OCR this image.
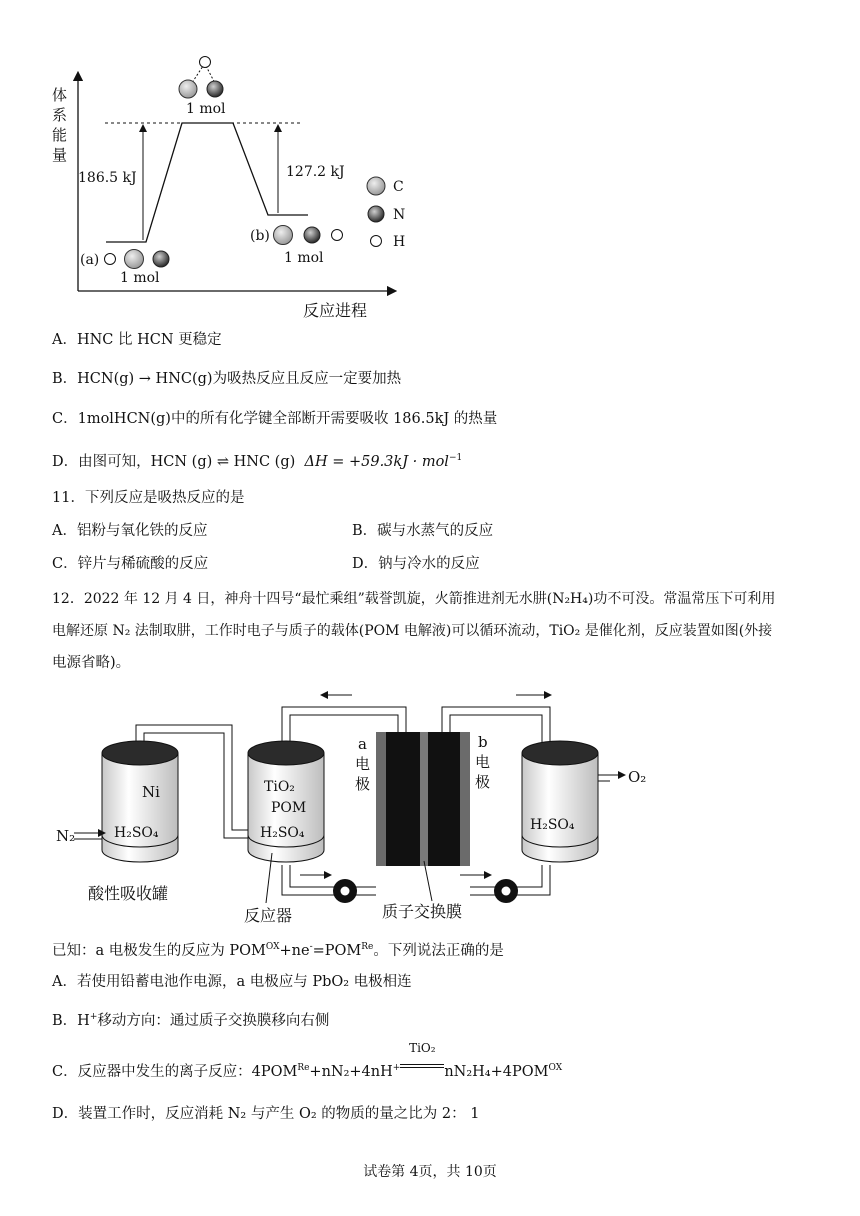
体
系
能
量
186.5 kJ	127.2 kJ
1 mol
(a)
1 mol
(b)
1 mol
C
N
H
反应进程
A．HNC 比 HCN 更稳定
B．HCN(g) → HNC(g)为吸热反应且反应一定要加热
C．1molHCN(g)中的所有化学键全部断开需要吸收 186.5kJ 的热量
D．由图可知，HCN (g) ⇌ HNC (g) ΔH = +59.3kJ · mol$^{-1}$
11．下列反应是吸热反应的是
A．铝粉与氧化铁的反应	B．碳与水蒸气的反应
C．锌片与稀硫酸的反应	D．钠与冷水的反应
12．2022 年 12 月 4 日，神舟十四号“最忙乘组”载誉凯旋，火箭推进剂无水肼(N₂H₄)功不可没。常温常压下可利用
电解还原 N₂ 法制取肼，工作时电子与质子的载体(POM 电解液)可以循环流动，TiO₂ 是催化剂，反应装置如图(外接
电源省略)。
Ni
H₂SO₄
N₂
酸性吸收罐
TiO₂
POM
H₂SO₄
反应器
a
电
极
b
电
极
质子交换膜
H₂SO₄
O₂
已知：a 电极发生的反应为 $POM^{OX}+ne^-=POM^{Re}$。下列说法正确的是
A．若使用铅蓄电池作电源，a 电极应与 PbO₂ 电极相连
B．H+移动方向：通过质子交换膜移向右侧
C．反应器中发生的离子反应：$4POM^{Re}+nN_2+4nH^+$
TiO₂
$nN_2H_4+4POM^{OX}$
D．装置工作时，反应消耗 N₂ 与产生 O₂ 的物质的量之比为 2： 1
试卷第 4页，共 10页
